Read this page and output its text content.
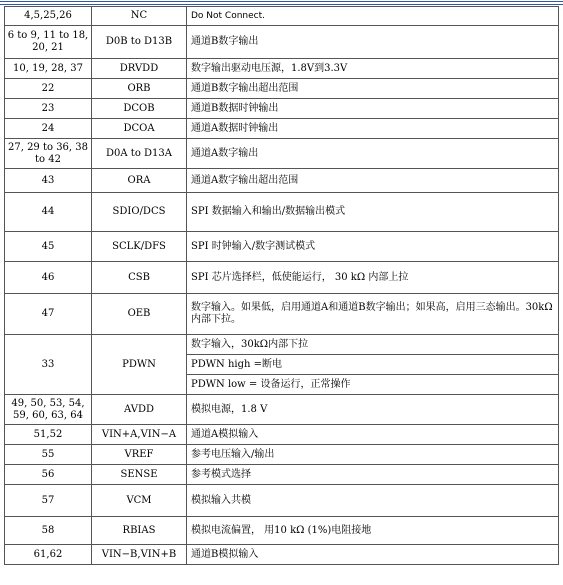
4,5,25,26	NC	Do Not Connect.
6 to 9, 11 to 18, 20, 21	D0B to D13B	通道B数字输出
10, 19, 28, 37	DRVDD	数字输出驱动电压源，1.8V到3.3V
22	ORB	通道B数字输出超出范围
23	DCOB	通道B数据时钟输出
24	DCOA	通道A数据时钟输出
27, 29 to 36, 38 to 42	D0A to D13A	通道A数字输出
43	ORA	通道A数字输出超出范围
44	SDIO/DCS	SPI 数据输入和输出/数据输出模式
45	SCLK/DFS	SPI 时钟输入/数字测试模式
46	CSB	SPI 芯片选择栏，低使能运行， 30 kΩ 内部上拉
47	OEB	数字输入。如果低，启用通道A和通道B数字输出；如果高，启用三态输出。30kΩ内部下拉。
33	PDWN	数字输入，30kΩ内部下拉
PDWN high =断电
PDWN low = 设备运行，正常操作

49, 50, 53, 54, 59, 60, 63, 64	AVDD	模拟电源，1.8 V
51,52	VIN+A,VIN−A	通道A模拟输入
55	VREF	参考电压输入/输出
56	SENSE	参考模式选择
57	VCM	模拟输入共模
58	RBIAS	模拟电流偏置， 用10 kΩ (1%)电阻接地
61,62	VIN−B,VIN+B	通道B模拟输入
